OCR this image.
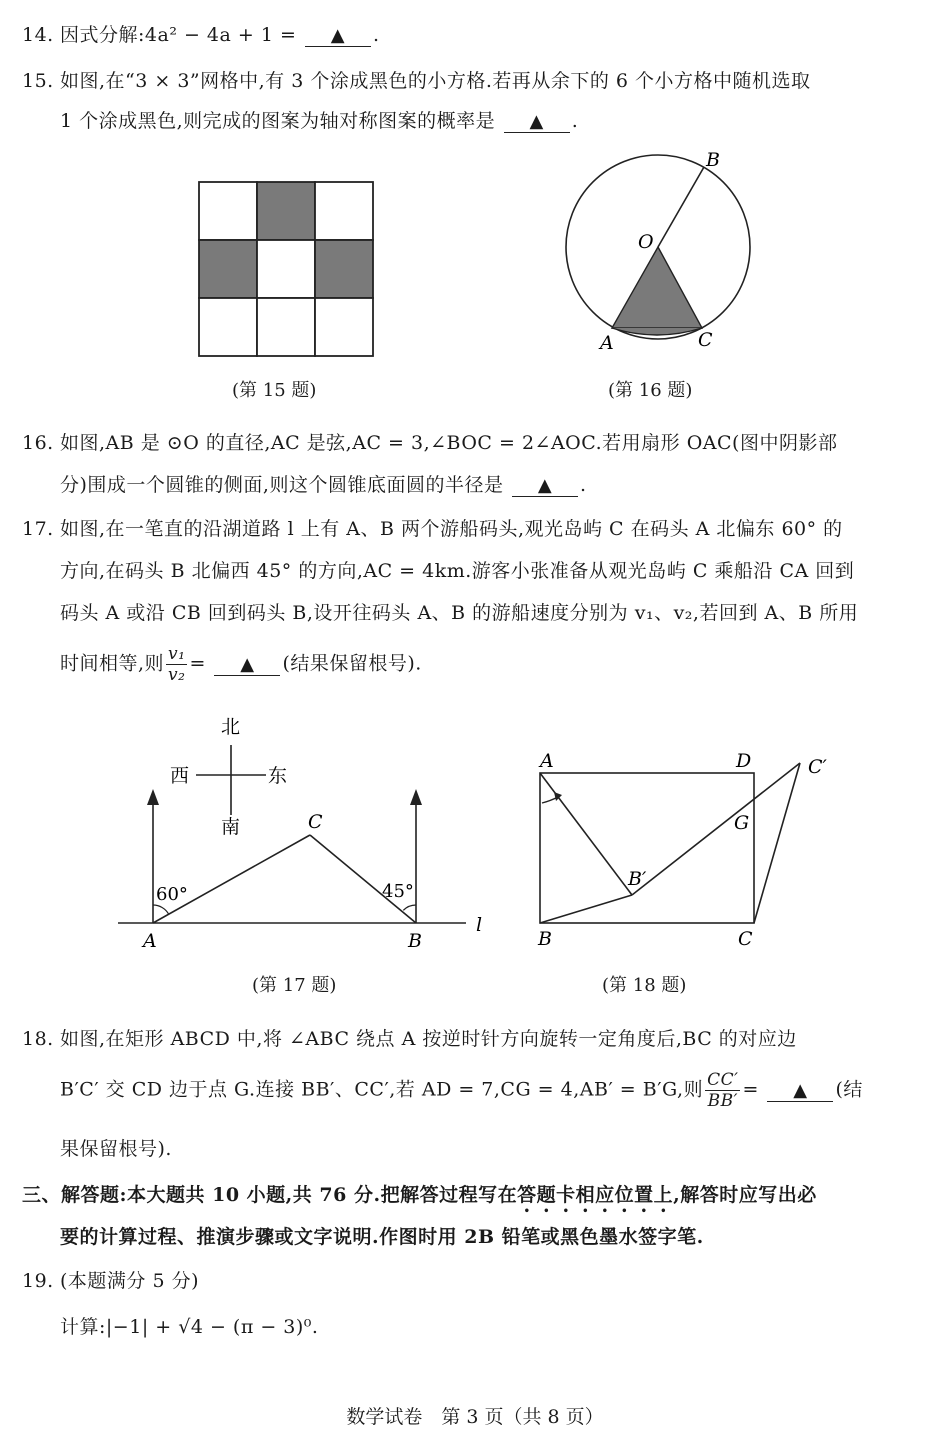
14. 因式分解:4a² − 4a + 1 = ▲ .
15. 如图,在“3 × 3”网格中,有 3 个涂成黑色的小方格.若再从余下的 6 个小方格中随机选取
1 个涂成黑色,则完成的图案为轴对称图案的概率是 ▲ .
(第 15 题)
B
O
A	C
(第 16 题)
16. 如图,AB 是 ⊙O 的直径,AC 是弦,AC = 3,∠BOC = 2∠AOC.若用扇形 OAC(图中阴影部
分)围成一个圆锥的侧面,则这个圆锥底面圆的半径是 ▲ .
17. 如图,在一笔直的沿湖道路 l 上有 A、B 两个游船码头,观光岛屿 C 在码头 A 北偏东 60° 的
方向,在码头 B 北偏西 45° 的方向,AC = 4km.游客小张准备从观光岛屿 C 乘船沿 CA 回到
码头 A 或沿 CB 回到码头 B,设开往码头 A、B 的游船速度分别为 v₁、v₂,若回到 A、B 所用
时间相等,则 $\frac{\text{v₁}}{\text{v₂}}$ = ▲ (结果保留根号).
北
南
西	东
60°	45°
A	B
C
l
(第 17 题)
A	D
B	C
G
B′
C′
(第 18 题)
18. 如图,在矩形 ABCD 中,将 ∠ABC 绕点 A 按逆时针方向旋转一定角度后,BC 的对应边
B′C′ 交 CD 边于点 G.连接 BB′、CC′,若 AD = 7,CG = 4,AB′ = B′G,则 $\frac{CC'}{BB'}$ = ▲ (结
果保留根号).
三、解答题:本大题共 10 小题,共 76 分.把解答过程写在答题卡相应位置上,解答时应写出必
要的计算过程、推演步骤或文字说明.作图时用 2B 铅笔或黑色墨水签字笔.
19. (本题满分 5 分)
计算:|−1| + √4 − (π − 3)⁰.
数学试卷　第 3 页（共 8 页）
